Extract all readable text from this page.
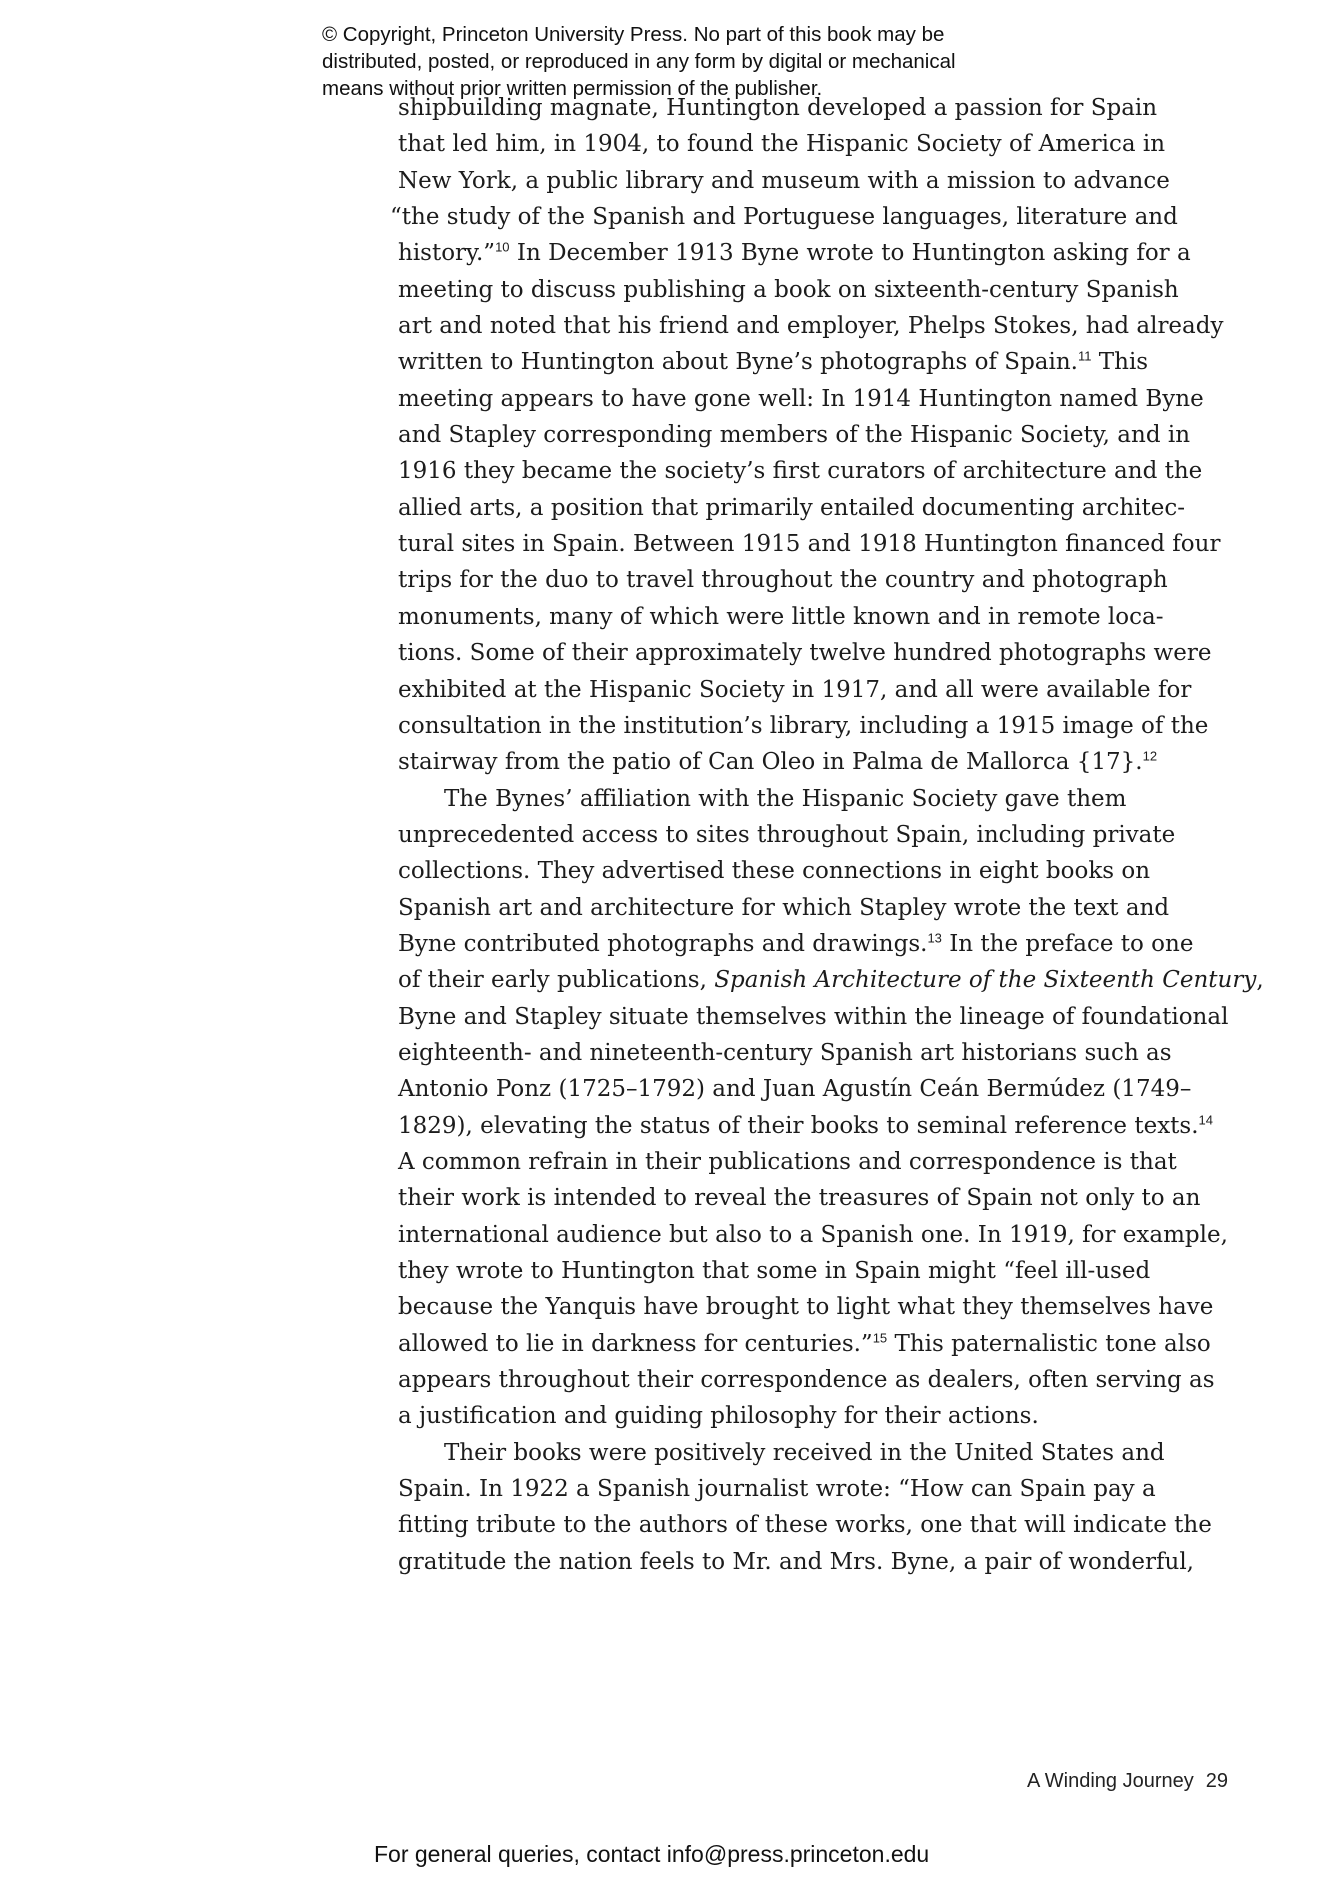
© Copyright, Princeton University Press. No part of this book may be
distributed, posted, or reproduced in any form by digital or mechanical
means without prior written permission of the publisher.
shipbuilding magnate, Huntington developed a passion for Spain
that led him, in 1904, to found the Hispanic Society of America in
New York, a public library and museum with a mission to advance
“the study of the Spanish and Portuguese languages, literature and
history.”$^{10}$ In December 1913 Byne wrote to Huntington asking for a
meeting to discuss publishing a book on sixteenth-century Spanish
art and noted that his friend and employer, Phelps Stokes, had already
written to Huntington about Byne’s photographs of Spain.$^{11}$ This
meeting appears to have gone well: In 1914 Huntington named Byne
and Stapley corresponding members of the Hispanic Society, and in
1916 they became the society’s first curators of architecture and the
allied arts, a position that primarily entailed documenting architec-
tural sites in Spain. Between 1915 and 1918 Huntington financed four
trips for the duo to travel throughout the country and photograph
monuments, many of which were little known and in remote loca-
tions. Some of their approximately twelve hundred photographs were
exhibited at the Hispanic Society in 1917, and all were available for
consultation in the institution’s library, including a 1915 image of the
stairway from the patio of Can Oleo in Palma de Mallorca {17}.$^{12}$
The Bynes’ affiliation with the Hispanic Society gave them
unprecedented access to sites throughout Spain, including private
collections. They advertised these connections in eight books on
Spanish art and architecture for which Stapley wrote the text and
Byne contributed photographs and drawings.$^{13}$ In the preface to one
of their early publications, Spanish Architecture of the Sixteenth Century,
Byne and Stapley situate themselves within the lineage of foundational
eighteenth- and nineteenth-century Spanish art historians such as
Antonio Ponz (1725–1792) and Juan Agustín Ceán Bermúdez (1749–
1829), elevating the status of their books to seminal reference texts.$^{14}$
A common refrain in their publications and correspondence is that
their work is intended to reveal the treasures of Spain not only to an
international audience but also to a Spanish one. In 1919, for example,
they wrote to Huntington that some in Spain might “feel ill-used
because the Yanquis have brought to light what they themselves have
allowed to lie in darkness for centuries.”$^{15}$ This paternalistic tone also
appears throughout their correspondence as dealers, often serving as
a justification and guiding philosophy for their actions.
Their books were positively received in the United States and
Spain. In 1922 a Spanish journalist wrote: “How can Spain pay a
fitting tribute to the authors of these works, one that will indicate the
gratitude the nation feels to Mr. and Mrs. Byne, a pair of wonderful,
A Winding Journey 29
For general queries, contact info@press.princeton.edu
